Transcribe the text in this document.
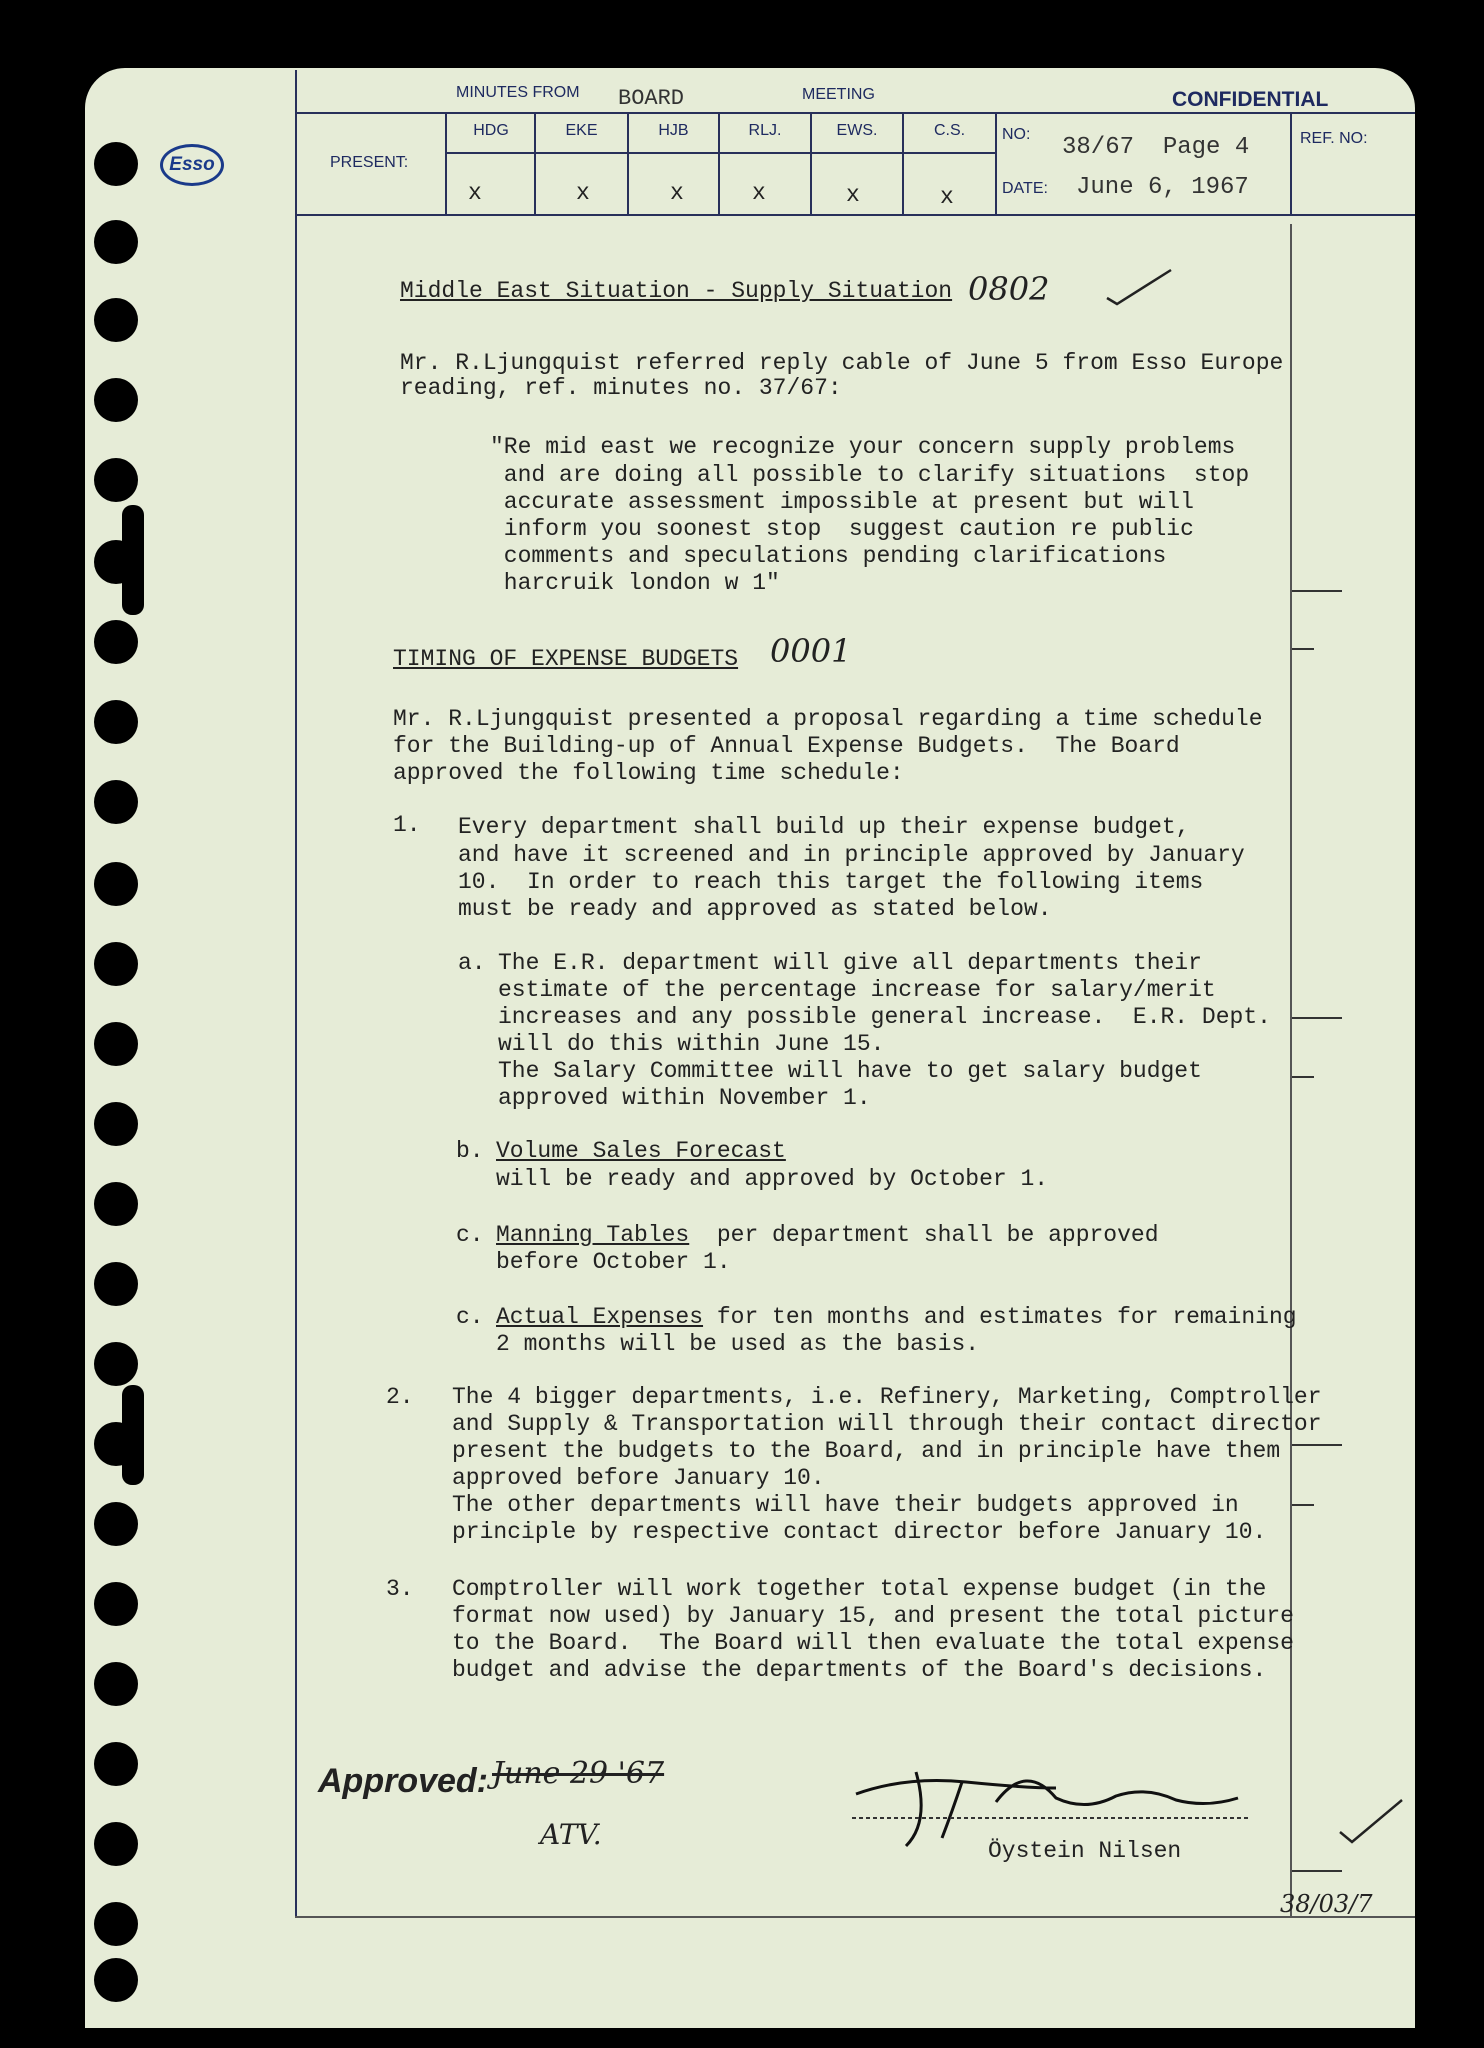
Esso
MINUTES FROM BOARD	MEETING	CONFIDENTIAL
PRESENT:
HDG	EKE	HJB	RLJ.	EWS.	C.S.
x	x	x	x	x	x
NO: 38/67  Page 4
DATE: June 6, 1967
REF. NO:
Middle East Situation - Supply Situation 0802
Mr. R.Ljungquist referred reply cable of June 5 from Esso Europe
reading, ref. minutes no. 37/67:
"Re mid east we recognize your concern supply problems
and are doing all possible to clarify situations  stop
accurate assessment impossible at present but will
inform you soonest stop  suggest caution re public
comments and speculations pending clarifications
harcruik london w 1"
TIMING OF EXPENSE BUDGETS 0001
Mr. R.Ljungquist presented a proposal regarding a time schedule
for the Building-up of Annual Expense Budgets.  The Board
approved the following time schedule:
1. Every department shall build up their expense budget,
and have it screened and in principle approved by January
10.  In order to reach this target the following items
must be ready and approved as stated below.
a. The E.R. department will give all departments their
estimate of the percentage increase for salary/merit
increases and any possible general increase.  E.R. Dept.
will do this within June 15.
The Salary Committee will have to get salary budget
approved within November 1.
b. Volume Sales Forecast
will be ready and approved by October 1.
c. Manning Tables  per department shall be approved
before October 1.
c. Actual Expenses for ten months and estimates for remaining
2 months will be used as the basis.
2. The 4 bigger departments, i.e. Refinery, Marketing, Comptroller
and Supply & Transportation will through their contact director
present the budgets to the Board, and in principle have them
approved before January 10.
The other departments will have their budgets approved in
principle by respective contact director before January 10.
3. Comptroller will work together total expense budget (in the
format now used) by January 15, and present the total picture
to the Board.  The Board will then evaluate the total expense
budget and advise the departments of the Board's decisions.
Approved: June 29 '67
ATV.	Öystein Nilsen
38/03/7
